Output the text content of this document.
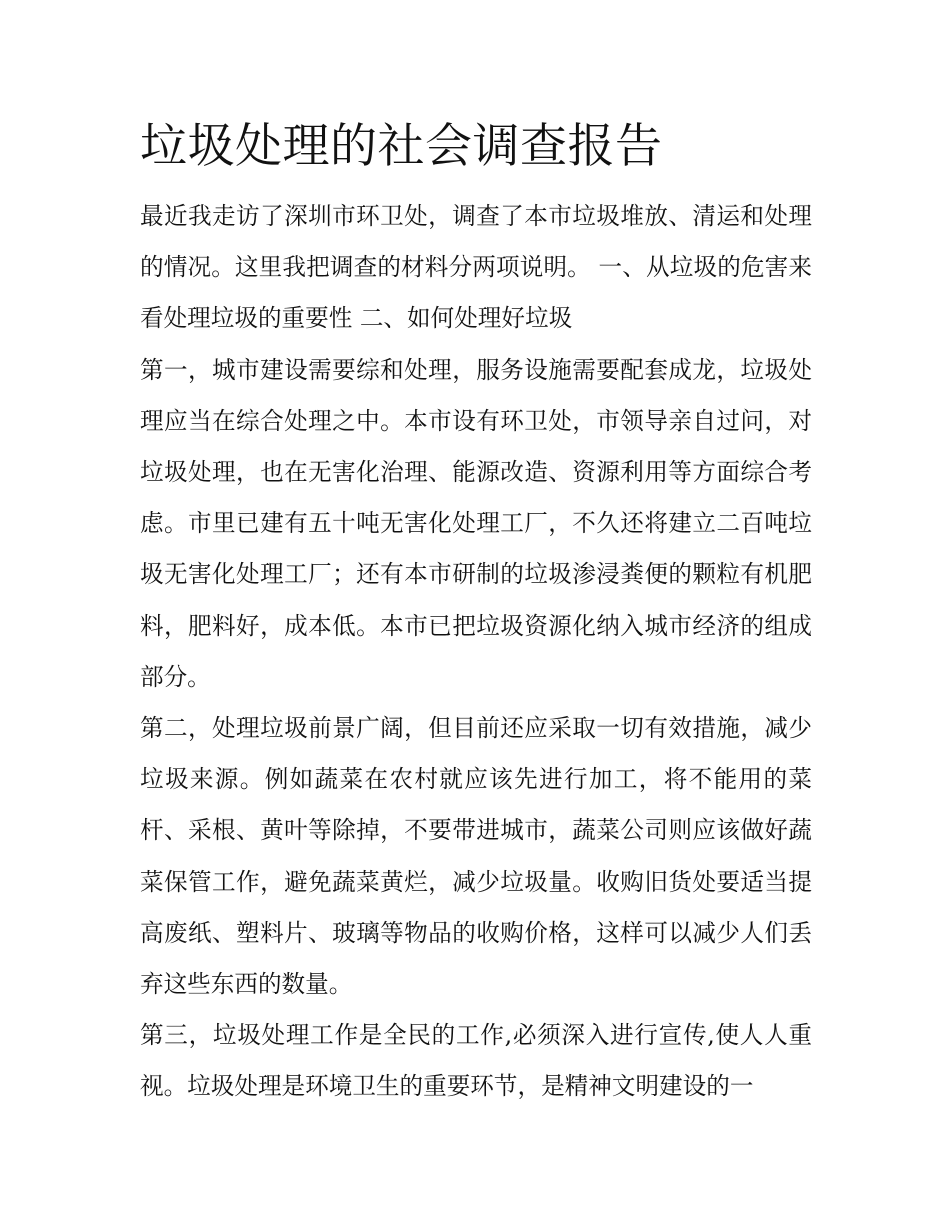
垃圾处理的社会调查报告

最近我走访了深圳市环卫处，调查了本市垃圾堆放、清运和处理的情况。这里我把调查的材料分两项说明。 一、从垃圾的危害来看处理垃圾的重要性 二、如何处理好垃圾

第一，城市建设需要综和处理，服务设施需要配套成龙，垃圾处理应当在综合处理之中。本市设有环卫处，市领导亲自过问，对垃圾处理，也在无害化治理、能源改造、资源利用等方面综合考虑。市里已建有五十吨无害化处理工厂，不久还将建立二百吨垃圾无害化处理工厂；还有本市研制的垃圾渗浸粪便的颗粒有机肥料，肥料好，成本低。本市已把垃圾资源化纳入城市经济的组成部分。

第二，处理垃圾前景广阔，但目前还应采取一切有效措施，减少垃圾来源。例如蔬菜在农村就应该先进行加工，将不能用的菜杆、采根、黄叶等除掉，不要带进城市，蔬菜公司则应该做好蔬菜保管工作，避免蔬菜黄烂，减少垃圾量。收购旧货处要适当提高废纸、塑料片、玻璃等物品的收购价格，这样可以减少人们丢弃这些东西的数量。

第三，垃圾处理工作是全民的工作,必须深入进行宣传,使人人重视。垃圾处理是环境卫生的重要环节，是精神文明建设的一
